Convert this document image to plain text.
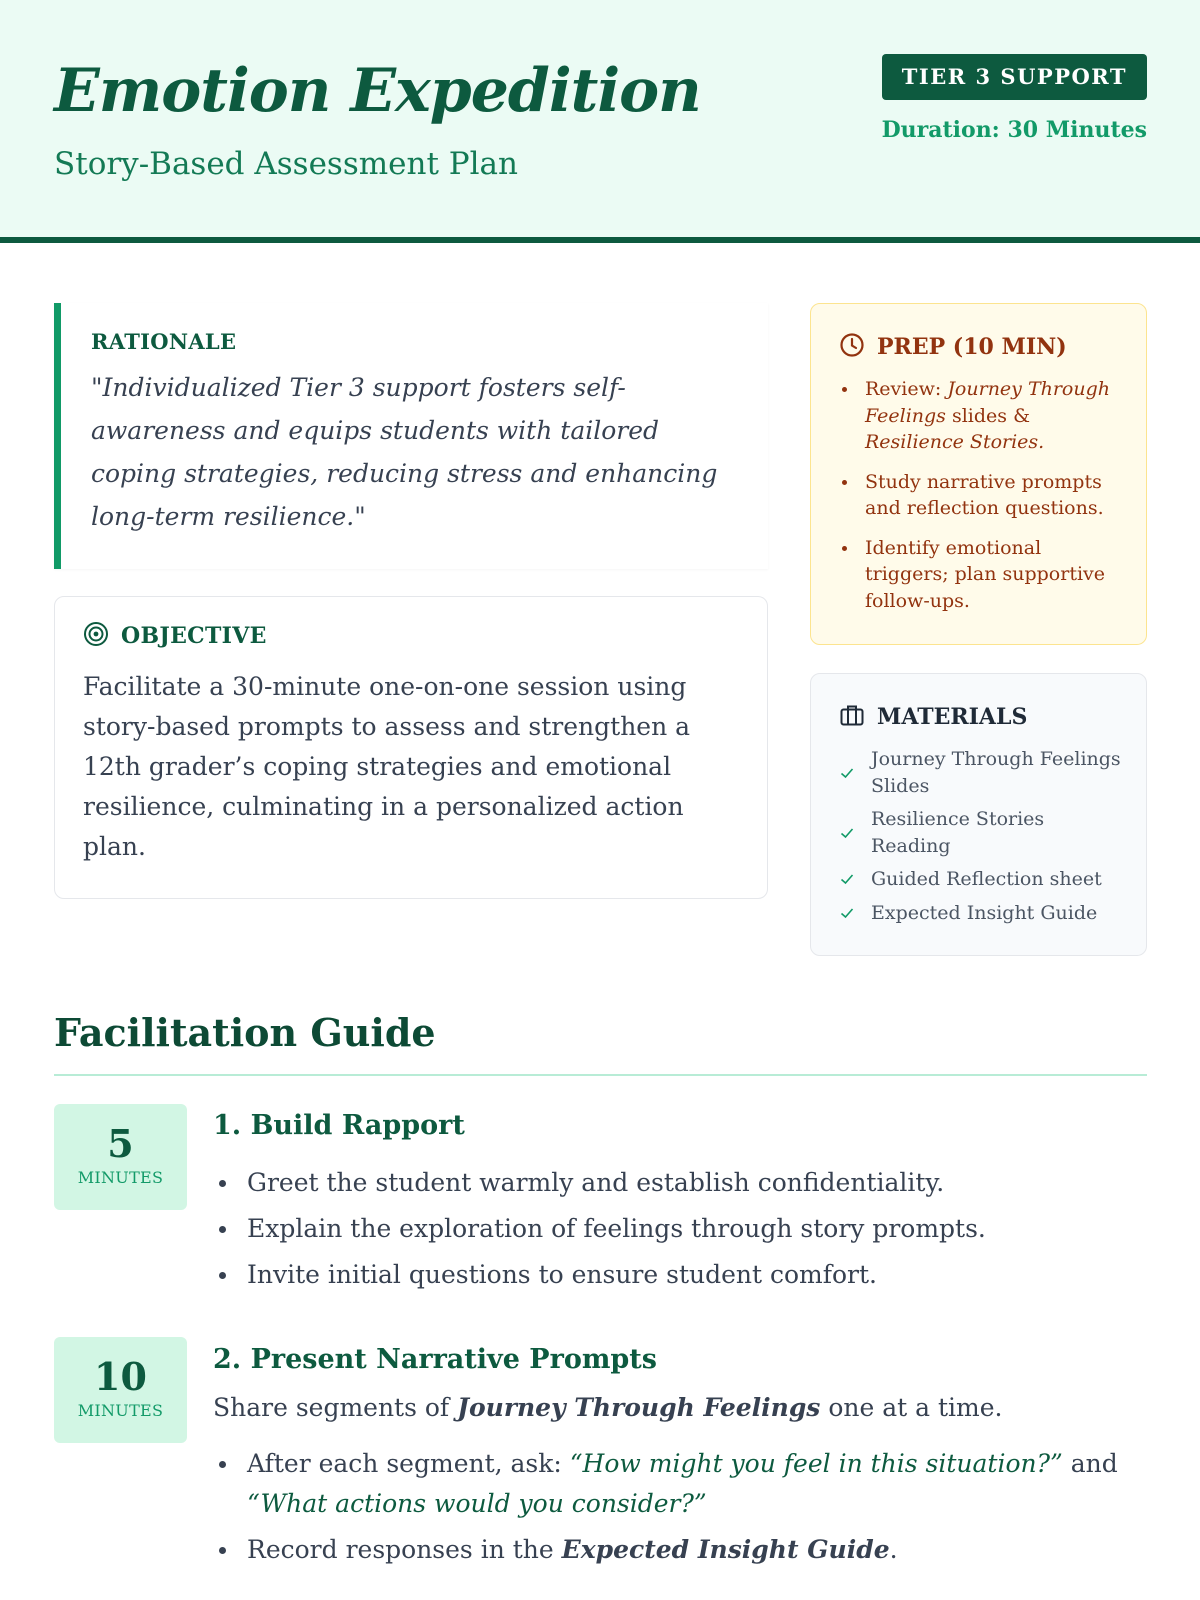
Emotion Expedition
Story-Based Assessment Plan
TIER 3 SUPPORT
Duration: 30 Minutes
RATIONALE
"Individualized Tier 3 support fosters self-awareness and equips students with tailored coping strategies, reducing stress and enhancing long-term resilience."
OBJECTIVE
Facilitate a 30-minute one-on-one session using story-based prompts to assess and strengthen a 12th grader’s coping strategies and emotional resilience, culminating in a personalized action plan.
PREP (10 MIN)
Review: Journey Through Feelings slides & Resilience Stories.
Study narrative prompts and reflection questions.
Identify emotional triggers; plan supportive follow-ups.
MATERIALS
Journey Through Feelings Slides
Resilience Stories Reading
Guided Reflection sheet
Expected Insight Guide
Facilitation Guide
5
MINUTES
1. Build Rapport
Greet the student warmly and establish confidentiality.
Explain the exploration of feelings through story prompts.
Invite initial questions to ensure student comfort.
10
MINUTES
2. Present Narrative Prompts
Share segments of Journey Through Feelings one at a time.
After each segment, ask: “How might you feel in this situation?” and “What actions would you consider?”
Record responses in the Expected Insight Guide.
